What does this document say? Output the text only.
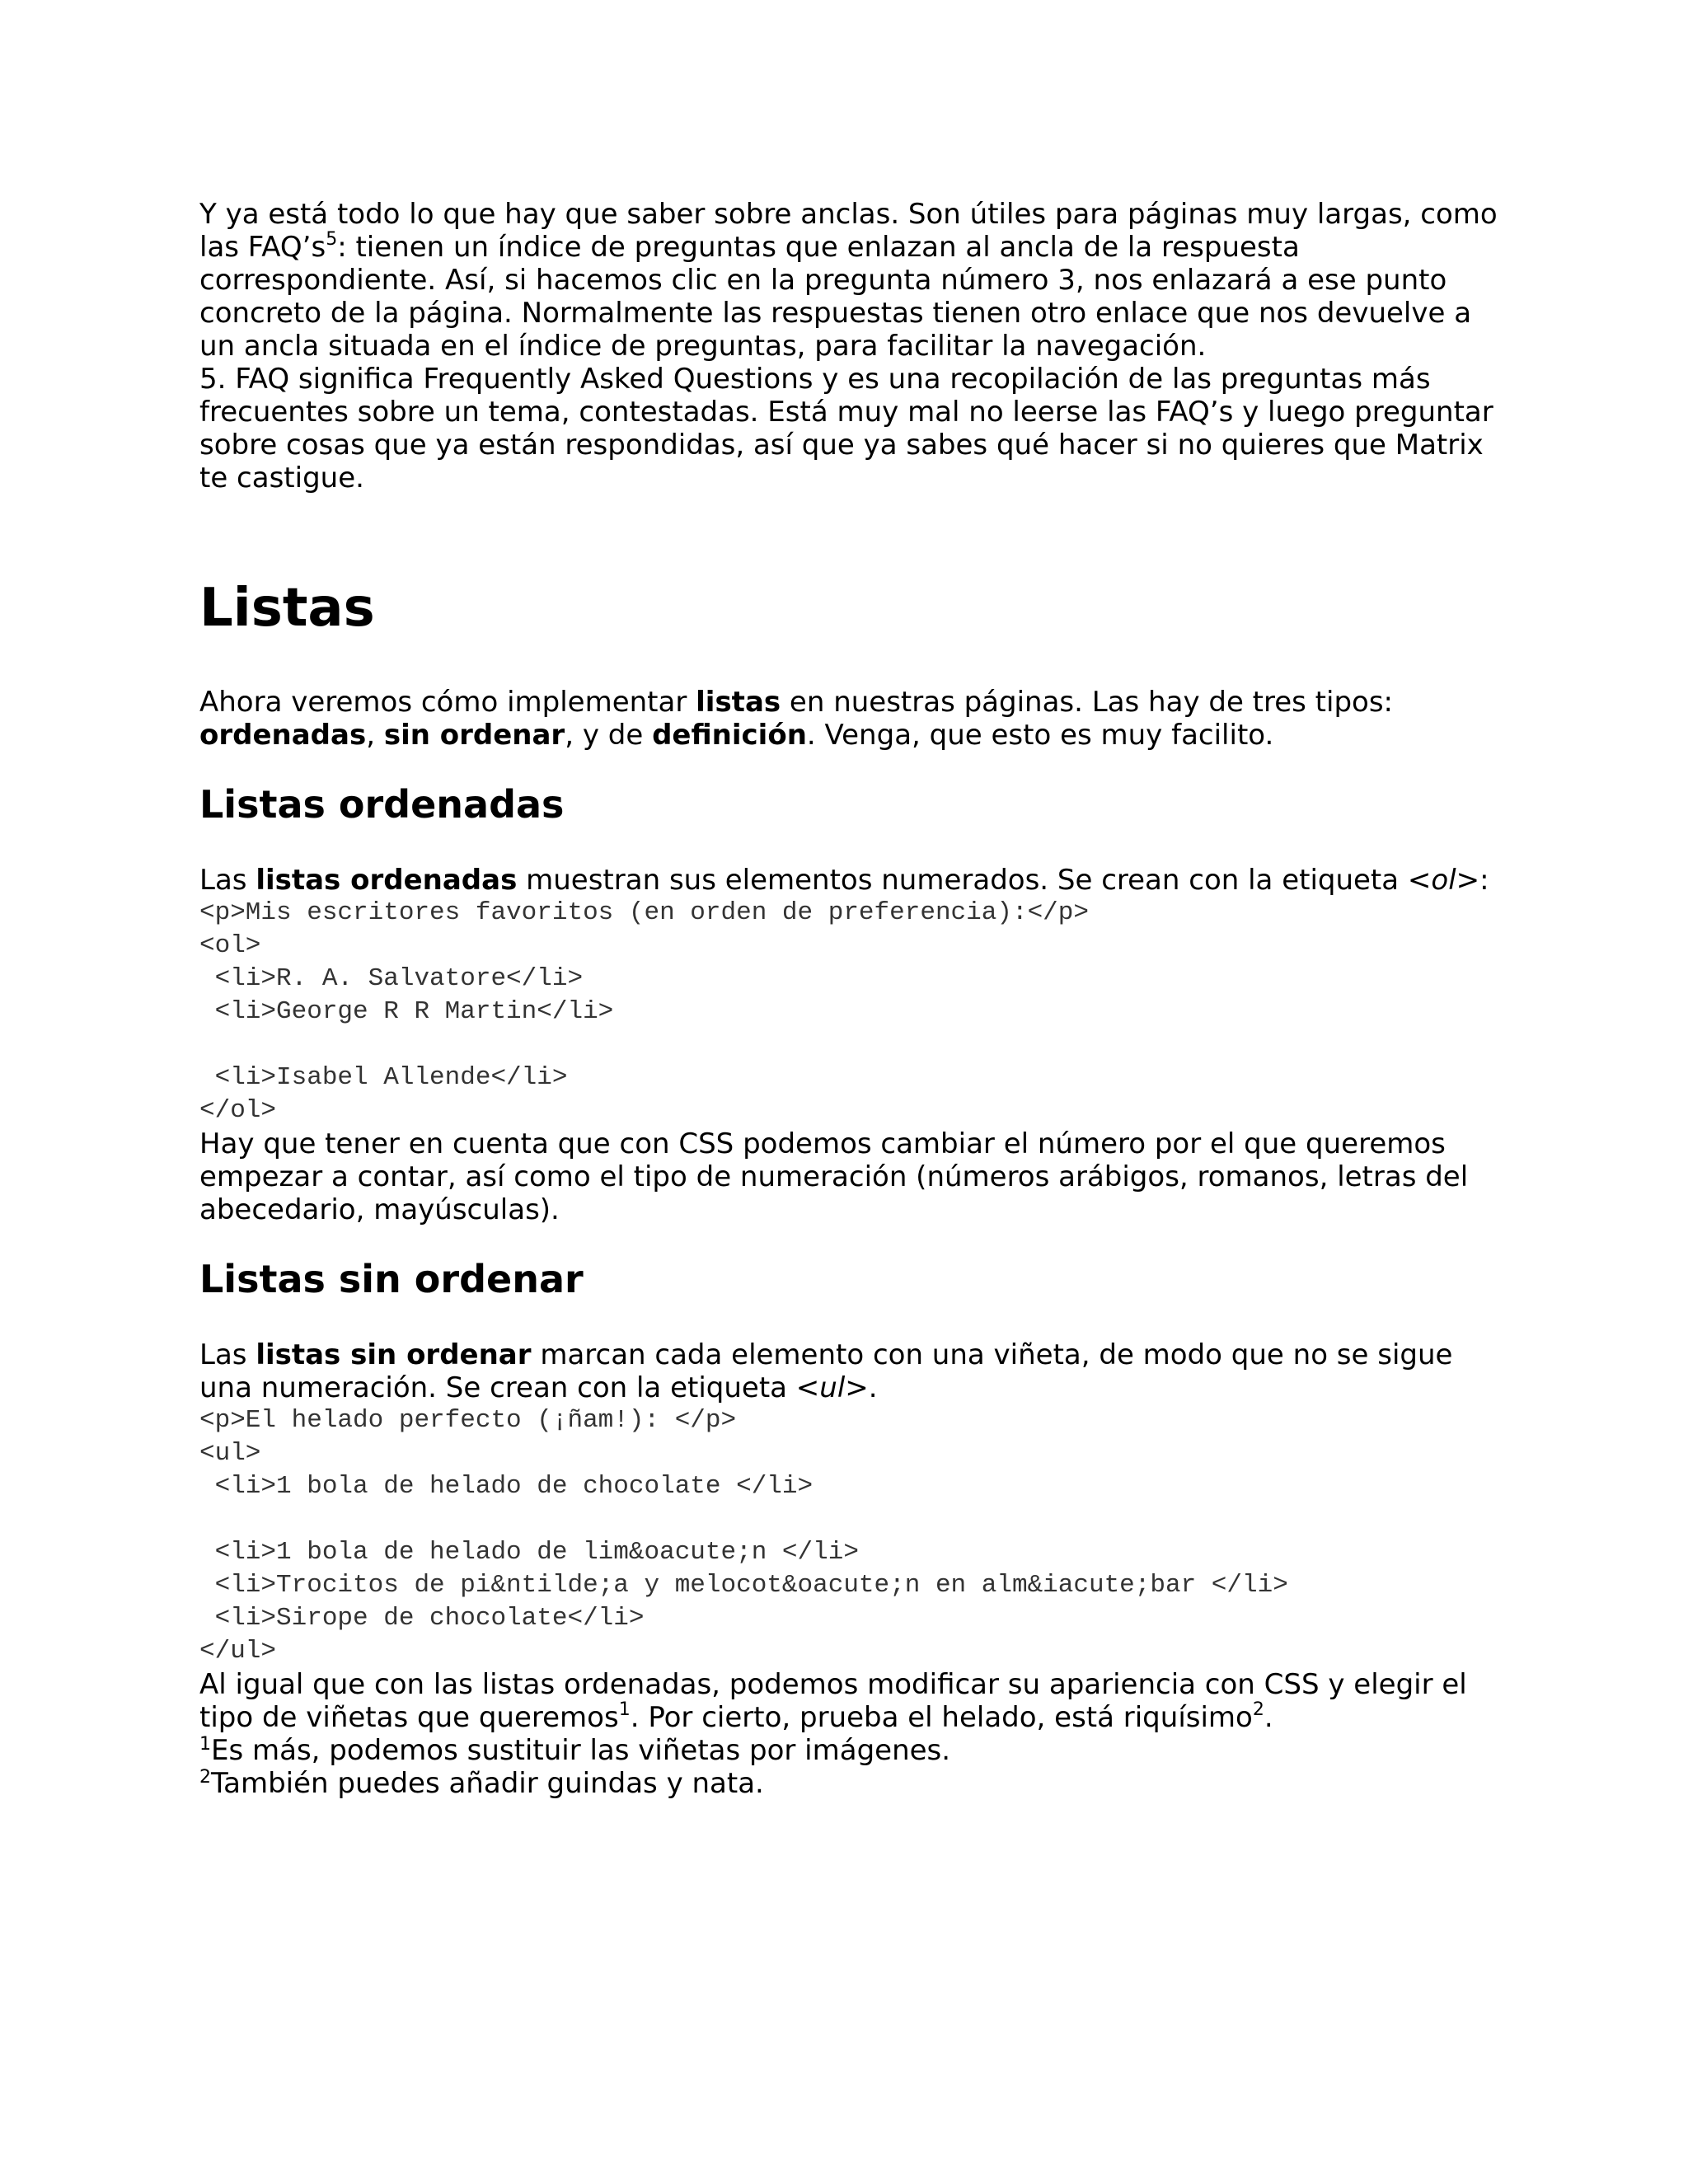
Y ya está todo lo que hay que saber sobre anclas. Son útiles para páginas muy largas, como las $FAQ’s^5$: tienen un índice de preguntas que enlazan al ancla de la respuesta correspondiente. Así, si hacemos clic en la pregunta número 3, nos enlazará a ese punto concreto de la página. Normalmente las respuestas tienen otro enlace que nos devuelve a un ancla situada en el índice de preguntas, para facilitar la navegación.

5. FAQ significa Frequently Asked Questions y es una recopilación de las preguntas más frecuentes sobre un tema, contestadas. Está muy mal no leerse las FAQ’s y luego preguntar sobre cosas que ya están respondidas, así que ya sabes qué hacer si no quieres que Matrix te castigue.

Listas

Ahora veremos cómo implementar listas en nuestras páginas. Las hay de tres tipos: ordenadas, sin ordenar, y de definición. Venga, que esto es muy facilito.

Listas ordenadas

Las listas ordenadas muestran sus elementos numerados. Se crean con la etiqueta <ol>:

<p>Mis escritores favoritos (en orden de preferencia):</p>
<ol>
<li>R. A. Salvatore</li>
<li>George R R Martin</li>

<li>Isabel Allende</li>
</ol>

Hay que tener en cuenta que con CSS podemos cambiar el número por el que queremos empezar a contar, así como el tipo de numeración (números arábigos, romanos, letras del abecedario, mayúsculas).

Listas sin ordenar

Las listas sin ordenar marcan cada elemento con una viñeta, de modo que no se sigue una numeración. Se crean con la etiqueta <ul>.

<p>El helado perfecto (¡ñam!): </p>
<ul>
<li>1 bola de helado de chocolate </li>

<li>1 bola de helado de lim&oacute;n </li>
<li>Trocitos de pi&ntilde;a y melocot&oacute;n en alm&iacute;bar </li>
<li>Sirope de chocolate</li>
</ul>

Al igual que con las listas ordenadas, podemos modificar su apariencia con CSS y elegir el tipo de viñetas que queremos$^1$. Por cierto, prueba el helado, está riquísimo$^2$.

$^1$Es más, podemos sustituir las viñetas por imágenes.

$^2$También puedes añadir guindas y nata.
